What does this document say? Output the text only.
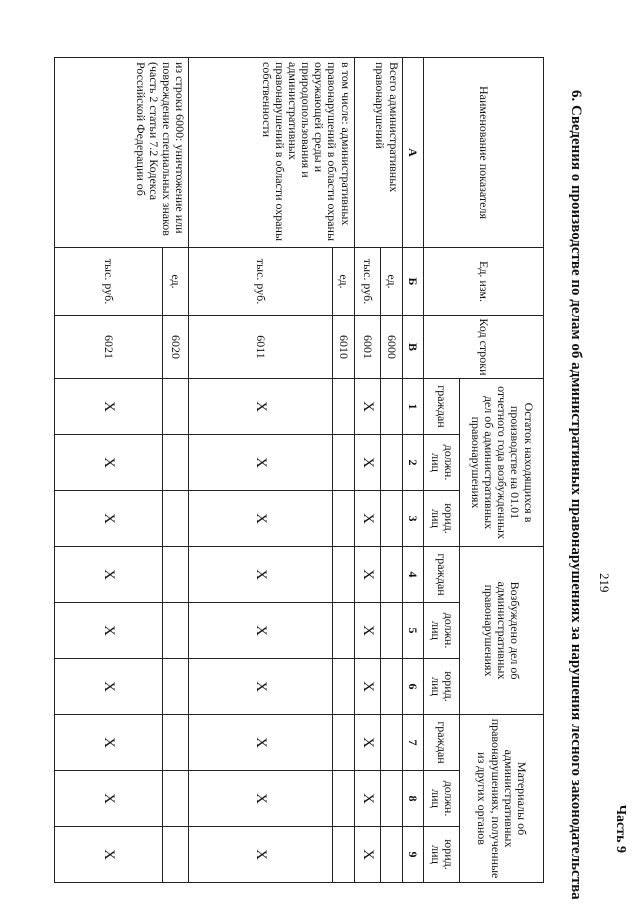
Часть 9
219
6. Сведения о производстве по делам об административных правонарушениях за нарушения лесного законодательства
Наименование показателя	Ед. изм.	Код строки	Остаток находящихся в производстве на 01.01 отчетного года возбужденных дел об административных правонарушениях			Возбуждено дел об административных правонарушениях			Материалы об административных правонарушениях, полученные из других органов		
			граждан	должн. лиц	юрид. лиц	граждан	должн. лиц	юрид. лиц	граждан	должн. лиц	юрид. лиц
А	Б	В	1	2	3	4	5	6	7	8	9
Всего административных правонарушений	ед.	6000									
	тыс. руб.	6001	X	X	X	X	X	X	X	X	X
в том числе: административных правонарушений в области охраны окружающей среды и природопользования и административных правонарушений в области охраны собственности	ед.	6010									
	тыс. руб.	6011	X	X	X	X	X	X	X	X	X
из строки 6000: уничтожение или повреждение специальных знаков (часть 2 статьи 7.2 Кодекса Российской Федерации об	ед.	6020									
	тыс. руб.	6021	X	X	X	X	X	X	X	X	X
